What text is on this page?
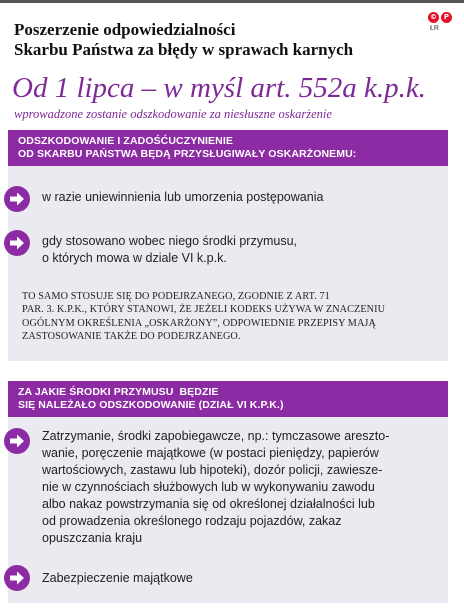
Poszerzenie odpowiedzialności
Skarbu Państwa za błędy w sprawach karnych
© P
ŁR
Od 1 lipca – w myśl art. 552a k.p.k.
wprowadzone zostanie odszkodowanie za niesłuszne oskarżenie
ODSZKODOWANIE I ZADOŚĆUCZYNIENIE
OD SKARBU PAŃSTWA BĘDĄ PRZYSŁUGIWAŁY OSKARŻONEMU:
w razie uniewinnienia lub umorzenia postępowania
gdy stosowano wobec niego środki przymusu,
o których mowa w dziale VI k.p.k.
TO SAMO STOSUJE SIĘ DO PODEJRZANEGO, ZGODNIE Z ART. 71
PAR. 3. K.P.K., KTÓRY STANOWI, ŻE JEŻELI KODEKS UŻYWA W ZNACZENIU
OGÓLNYM OKREŚLENIA „OSKARŻONY”, ODPOWIEDNIE PRZEPISY MAJĄ
ZASTOSOWANIE TAKŻE DO PODEJRZANEGO.
ZA JAKIE ŚRODKI PRZYMUSU  BĘDZIE
SIĘ NALEŻAŁO ODSZKODOWANIE (DZIAŁ VI K.P.K.)
Zatrzymanie, środki zapobiegawcze, np.: tymczasowe areszto-
wanie, poręczenie majątkowe (w postaci pieniędzy, papierów
wartościowych, zastawu lub hipoteki), dozór policji, zawiesze-
nie w czynnościach służbowych lub w wykonywaniu zawodu
albo nakaz powstrzymania się od określonej działalności lub
od prowadzenia określonego rodzaju pojazdów, zakaz
opuszczania kraju
Zabezpieczenie majątkowe
